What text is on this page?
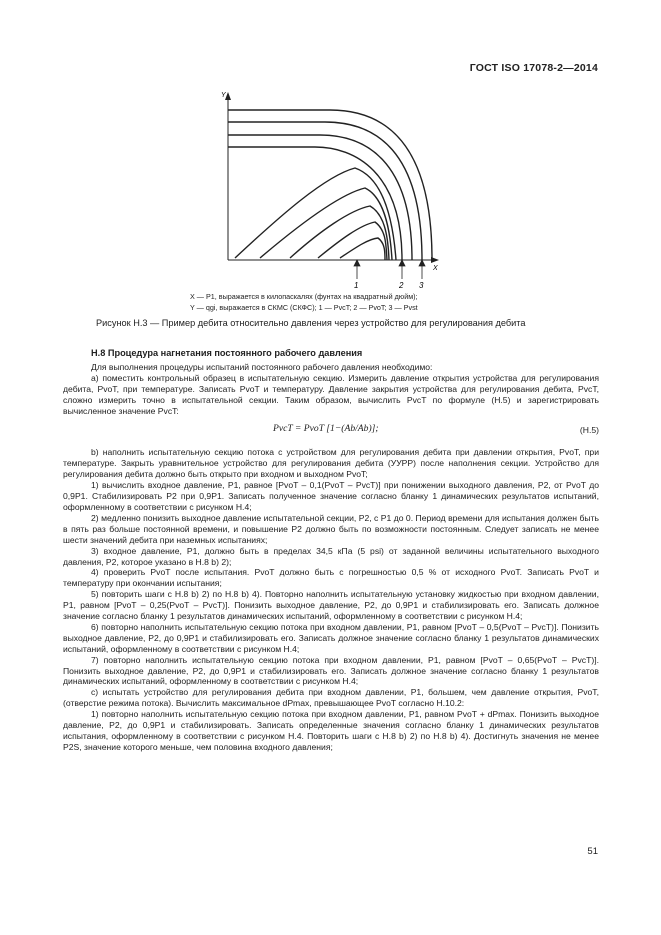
ГОСТ ISO 17078-2—2014
Y
X
1	2 3
X — P1, выражается в килопаскалях (фунтах на квадратный дюйм);
Y — qgi, выражается в СКМС (СКФС); 1 — PvcT; 2 — PvoT; 3 — Pvst
Рисунок H.3 — Пример дебита относительно давления через устройство для регулирования дебита
H.8 Процедура нагнетания постоянного рабочего давления

Для выполнения процедуры испытаний постоянного рабочего давления необходимо:

а) поместить контрольный образец в испытательную секцию. Измерить давление открытия устройства для регулирования дебита, PvoT, при температуре. Записать PvoT и температуру. Давление закрытия устройства для регулирования дебита, PvcT, сложно измерить точно в испытательной секции. Таким образом, вычислить PvcT по формуле (H.5) и зарегистрировать вычисленное значение PvcT:

PvcT = PvoT [1−(Ab/Ab)];	(H.5)

b) наполнить испытательную секцию потока с устройством для регулирования дебита при давлении открытия, PvoT, при температуре. Закрыть уравнительное устройство для регулирования дебита (УУРР) после наполнения секции. Устройство для регулирования дебита должно быть открыто при входном и выходном PvoT;

1) вычислить входное давление, P1, равное [PvoT – 0,1(PvoT – PvcT)] при понижении выходного давления, P2, от PvoT до 0,9P1. Стабилизировать P2 при 0,9P1. Записать полученное значение согласно бланку 1 динамических результатов испытаний, оформленному в соответствии с рисунком H.4;

2) медленно понизить выходное давление испытательной секции, P2, с P1 до 0. Период времени для испытания должен быть в пять раз больше постоянной времени, и повышение P2 должно быть по возможности постоянным. Следует записать не менее шести значений дебита при наземных испытаниях;

3) входное давление, P1, должно быть в пределах 34,5 кПа (5 psi) от заданной величины испытательного выходного давления, P2, которое указано в H.8 b) 2);

4) проверить PvoT после испытания. PvoT должно быть с погрешностью 0,5 % от исходного PvoT. Записать PvoT и температуру при окончании испытания;

5) повторить шаги с H.8 b) 2) по H.8 b) 4). Повторно наполнить испытательную установку жидкостью при входном давлении, P1, равном [PvoT – 0,25(PvoT – PvcT)]. Понизить выходное давление, P2, до 0,9P1 и стабилизировать его. Записать должное значение согласно бланку 1 результатов динамических испытаний, оформленному в соответствии с рисунком H.4;

6) повторно наполнить испытательную секцию потока при входном давлении, P1, равном [PvoT – 0,5(PvoT – PvcT)]. Понизить выходное давление, P2, до 0,9P1 и стабилизировать его. Записать должное значение согласно бланку 1 результатов динамических испытаний, оформленному в соответствии с рисунком H.4;

7) повторно наполнить испытательную секцию потока при входном давлении, P1, равном [PvoT – 0,65(PvoT – PvcT)]. Понизить выходное давление, P2, до 0,9P1 и стабилизировать его. Записать должное значение согласно бланку 1 результатов динамических испытаний, оформленному в соответствии с рисунком H.4;

c) испытать устройство для регулирования дебита при входном давлении, P1, большем, чем давление открытия, PvoT, (отверстие режима потока). Вычислить максимальное dPmax, превышающее PvoT согласно H.10.2:

1) повторно наполнить испытательную секцию потока при входном давлении, P1, равном PvoT + dPmax. Понизить выходное давление, P2, до 0,9P1 и стабилизировать. Записать определенные значения согласно бланку 1 динамических результатов испытания, оформленному в соответствии с рисунком H.4. Повторить шаги с H.8 b) 2) по H.8 b) 4). Достигнуть значения не менее P2S, значение которого меньше, чем половина входного давления;

51
